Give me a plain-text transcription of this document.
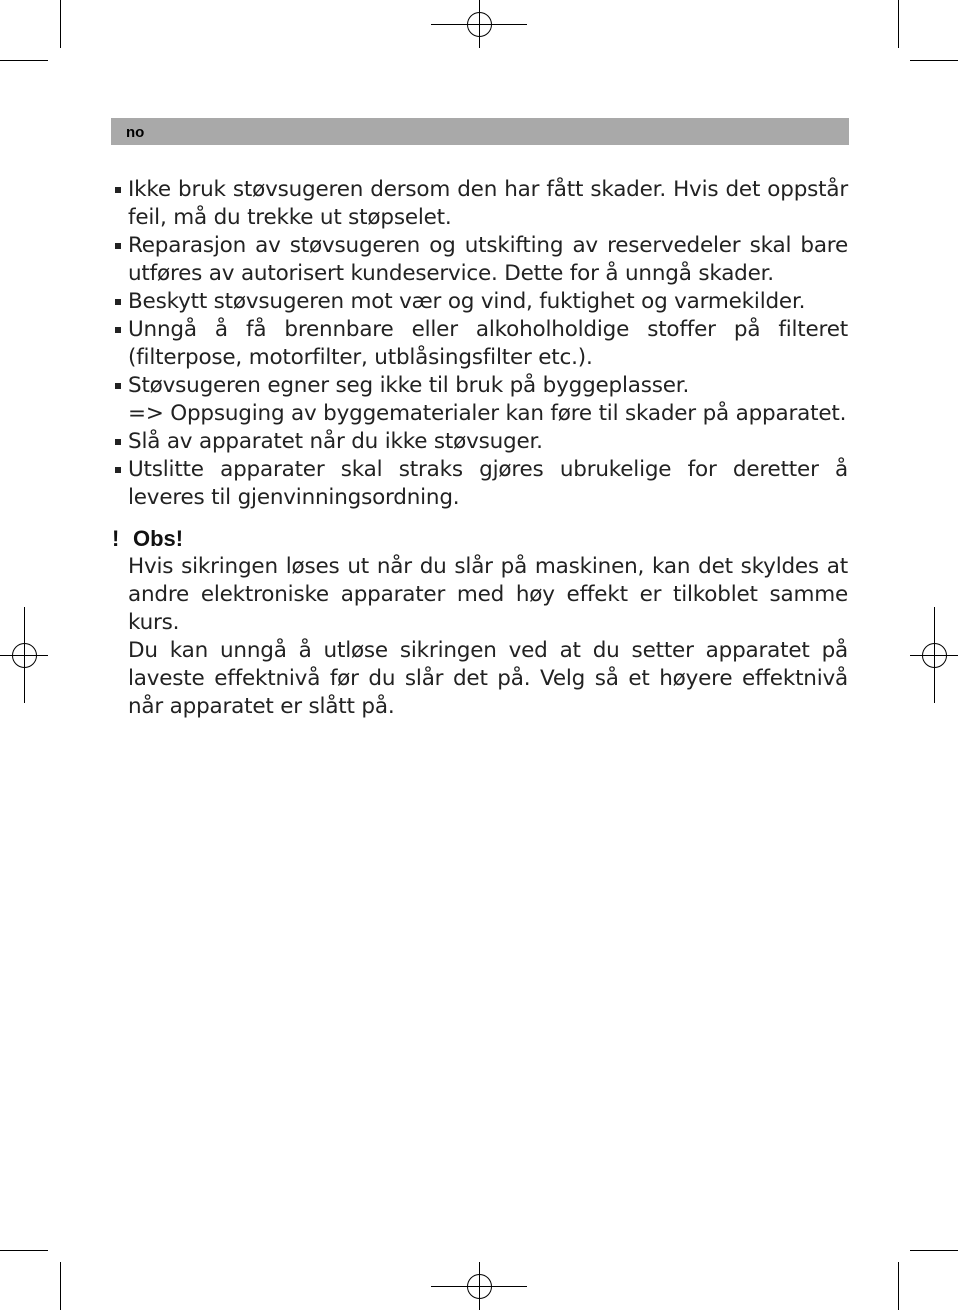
no
Ikke bruk støvsugeren dersom den har fått skader. Hvis det oppstår feil, må du trekke ut støpselet.
Reparasjon av støvsugeren og utskifting av reservedeler skal bare utføres av autorisert kundeservice. Dette for å unngå skader.
Beskytt støvsugeren mot vær og vind, fuktighet og varmekilder.
Unngå å få brennbare eller alkoholholdige stoffer på filteret (filterpose, motorfilter, utblåsingsfilter etc.).
Støvsugeren egner seg ikke til bruk på byggeplasser.
=> Oppsuging av byggematerialer kan føre til skader på apparatet.
Slå av apparatet når du ikke støvsuger.
Utslitte apparater skal straks gjøres ubrukelige for deretter å leveres til gjenvinningsordning.
! Obs!

Hvis sikringen løses ut når du slår på maskinen, kan det skyldes at andre elektroniske apparater med høy effekt er tilkoblet samme kurs.

Du kan unngå å utløse sikringen ved at du setter apparatet på laveste effektnivå før du slår det på. Velg så et høyere effektnivå når apparatet er slått på.
